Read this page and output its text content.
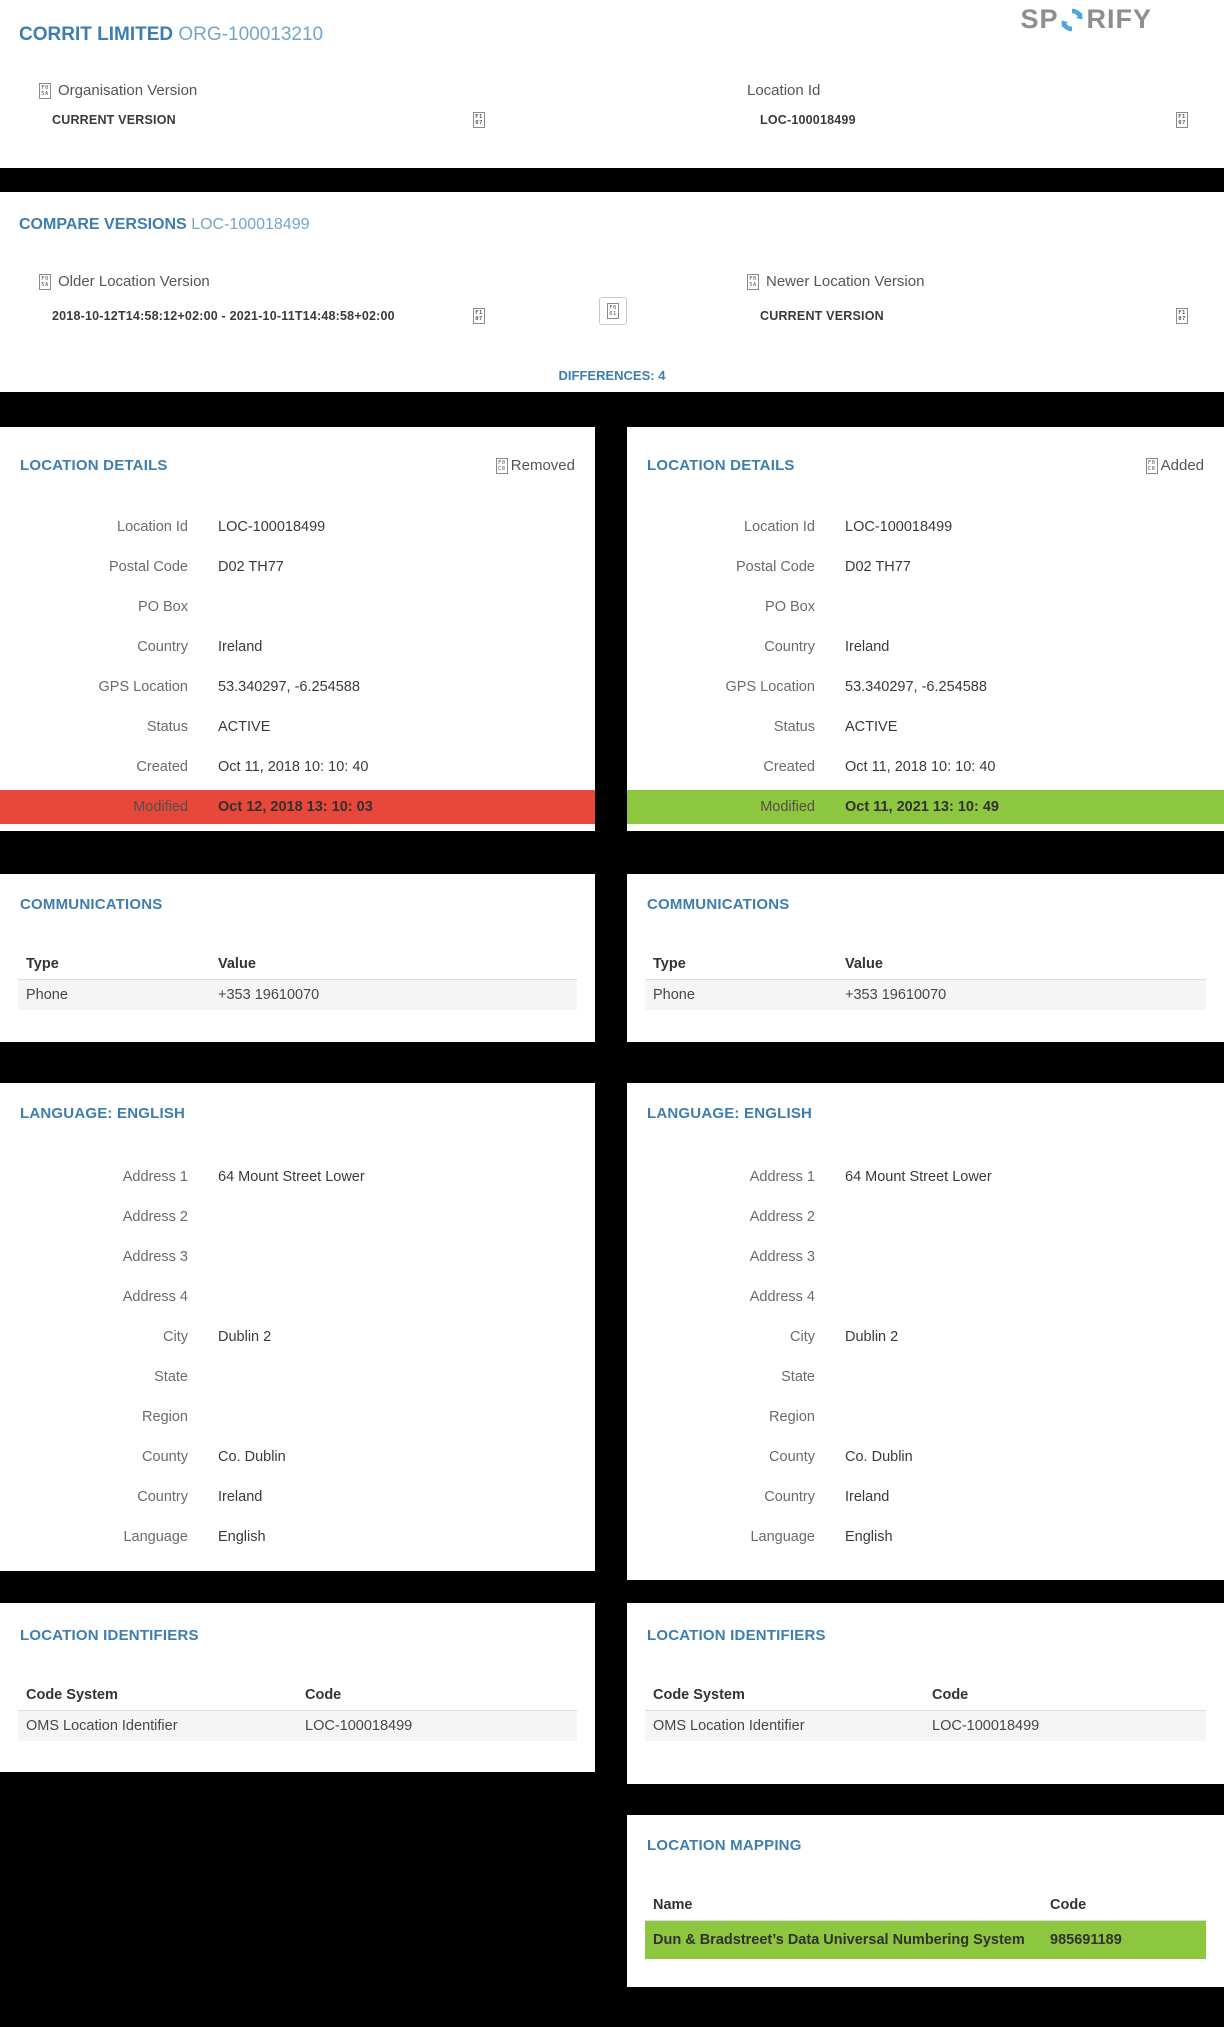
CORRIT LIMITED ORG-100013210
SP RIFY
F05A Organisation Version
CURRENT VERSION	F107
Location Id
LOC-100018499	F107
COMPARE VERSIONS LOC-100018499
F05A Older Location Version
2018-10-12T14:58:12+02:00 - 2021-10-11T14:48:58+02:00	F107
F061
F05A Newer Location Version
CURRENT VERSION	F107
DIFFERENCES: 4
LOCATION DETAILS	F0C8 Removed
Location Id LOC-100018499
Postal Code D02 TH77
PO Box
Country Ireland
GPS Location 53.340297, -6.254588
Status ACTIVE
Created Oct 11, 2018 10: 10: 40
Modified Oct 12, 2018 13: 10: 03
LOCATION DETAILS	F0C8 Added
Location Id LOC-100018499
Postal Code D02 TH77
PO Box
Country Ireland
GPS Location 53.340297, -6.254588
Status ACTIVE
Created Oct 11, 2018 10: 10: 40
Modified Oct 11, 2021 13: 10: 49
COMMUNICATIONS
Type	Value
Phone	+353 19610070
COMMUNICATIONS
Type	Value
Phone	+353 19610070
LANGUAGE: ENGLISH
Address 1 64 Mount Street Lower
Address 2
Address 3
Address 4
City Dublin 2
State
Region
County Co. Dublin
Country Ireland
Language English
LANGUAGE: ENGLISH
Address 1 64 Mount Street Lower
Address 2
Address 3
Address 4
City Dublin 2
State
Region
County Co. Dublin
Country Ireland
Language English
LOCATION IDENTIFIERS
Code System	Code
OMS Location Identifier	LOC-100018499
LOCATION IDENTIFIERS
Code System	Code
OMS Location Identifier	LOC-100018499
LOCATION MAPPING
Name	Code
Dun & Bradstreet’s Data Universal Numbering System	985691189
